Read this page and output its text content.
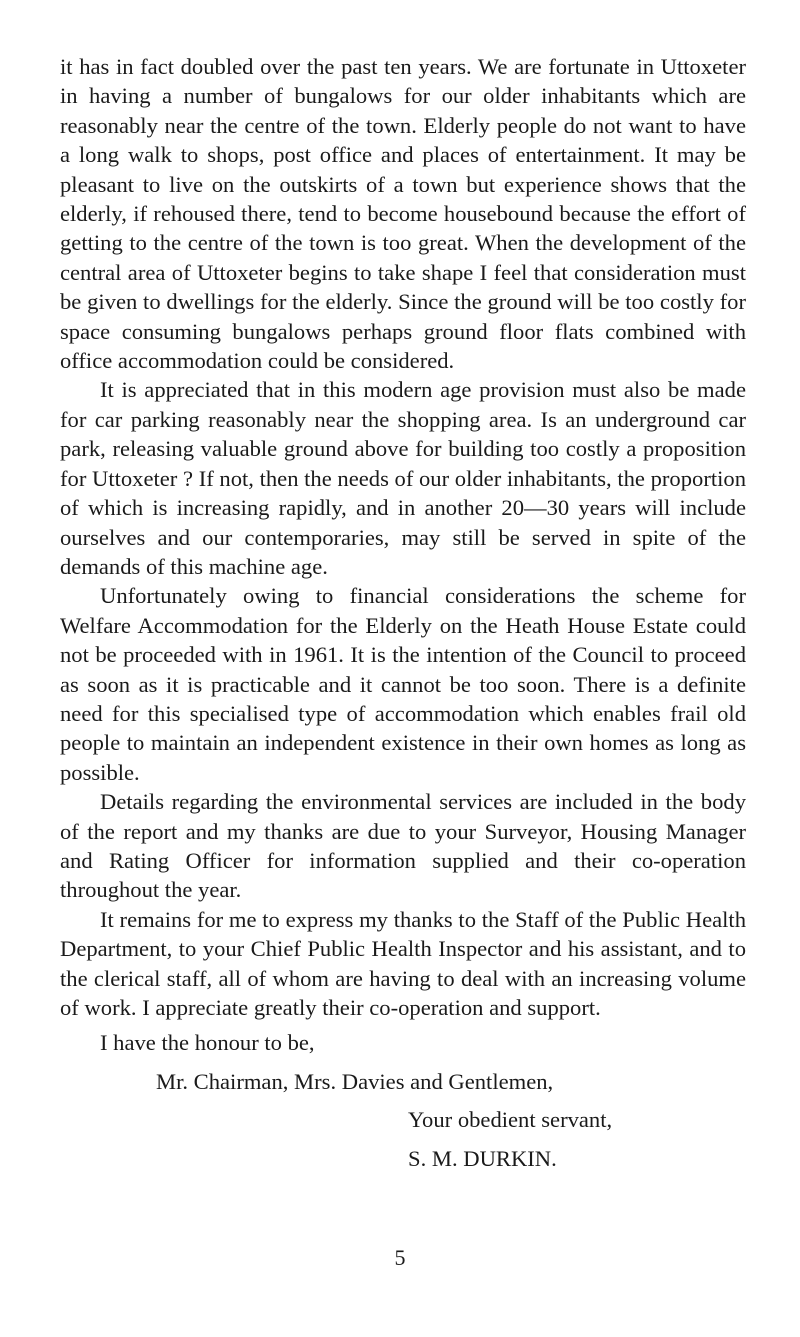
it has in fact doubled over the past ten years. We are fortunate in Uttoxeter in having a number of bungalows for our older inhabitants which are reasonably near the centre of the town. Elderly people do not want to have a long walk to shops, post office and places of entertainment. It may be pleasant to live on the outskirts of a town but experience shows that the elderly, if rehoused there, tend to become housebound because the effort of getting to the centre of the town is too great. When the development of the central area of Uttoxeter begins to take shape I feel that consideration must be given to dwellings for the elderly. Since the ground will be too costly for space consuming bungalows perhaps ground floor flats combined with office accommodation could be considered.

It is appreciated that in this modern age provision must also be made for car parking reasonably near the shopping area. Is an underground car park, releasing valuable ground above for building too costly a proposition for Uttoxeter ? If not, then the needs of our older inhabitants, the proportion of which is increasing rapidly, and in another 20—30 years will include ourselves and our contemporaries, may still be served in spite of the demands of this machine age.

Unfortunately owing to financial considerations the scheme for Welfare Accommodation for the Elderly on the Heath House Estate could not be proceeded with in 1961. It is the intention of the Council to proceed as soon as it is practicable and it cannot be too soon. There is a definite need for this specialised type of accommodation which enables frail old people to maintain an independent existence in their own homes as long as possible.

Details regarding the environmental services are included in the body of the report and my thanks are due to your Surveyor, Housing Manager and Rating Officer for information supplied and their co-operation throughout the year.

It remains for me to express my thanks to the Staff of the Public Health Department, to your Chief Public Health Inspector and his assistant, and to the clerical staff, all of whom are having to deal with an increasing volume of work. I appreciate greatly their co-operation and support.

I have the honour to be,

Mr. Chairman, Mrs. Davies and Gentlemen,

Your obedient servant,

S. M. DURKIN.

5
